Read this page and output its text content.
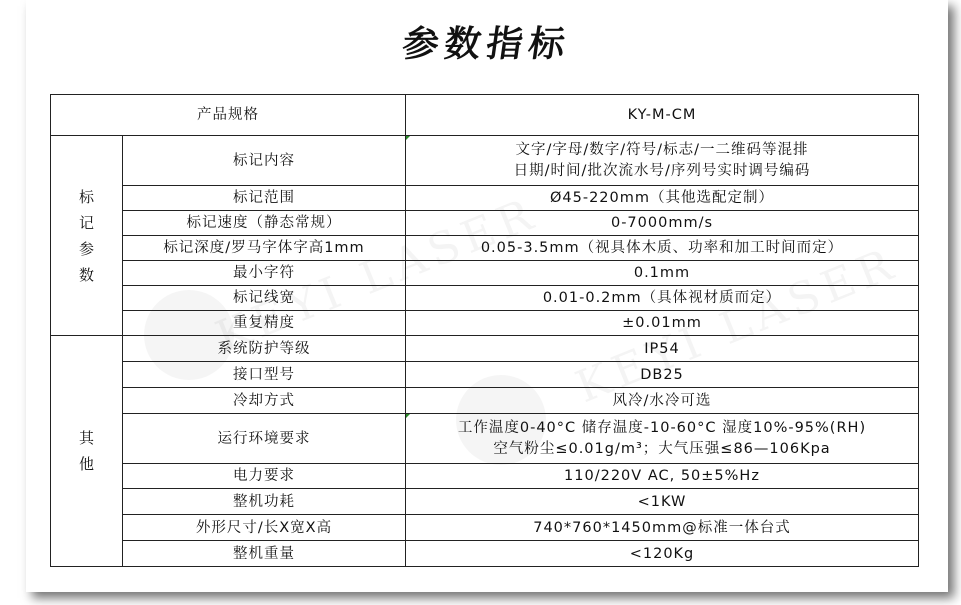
参数指标
产品规格		KY-M-CM

标
记
参
数	标记内容	文字/字母/数字/符号/标志/一二维码等混排
日期/时间/批次流水号/序列号实时调号编码

	标记范围	Ø45-220mm（其他选配定制）
	标记速度（静态常规）	0-7000mm/s
	标记深度/罗马字体字高1mm	0.05-3.5mm（视具体木质、功率和加工时间而定）
	最小字符	0.1mm
	标记线宽	0.01-0.2mm（具体视材质而定）
	重复精度	±0.01mm

其
他	系统防护等级	IP54
	接口型号	DB25
	冷却方式	风冷/水冷可选
	运行环境要求	工作温度0-40°C 储存温度-10-60°C 湿度10%-95%(RH)
空气粉尘≤0.01g/m³；大气压强≤86—106Kpa

	电力要求	110/220V AC, 50±5%Hz
	整机功耗	<1KW
	外形尺寸/长X宽X高	740*760*1450mm@标准一体台式
	整机重量	<120Kg
